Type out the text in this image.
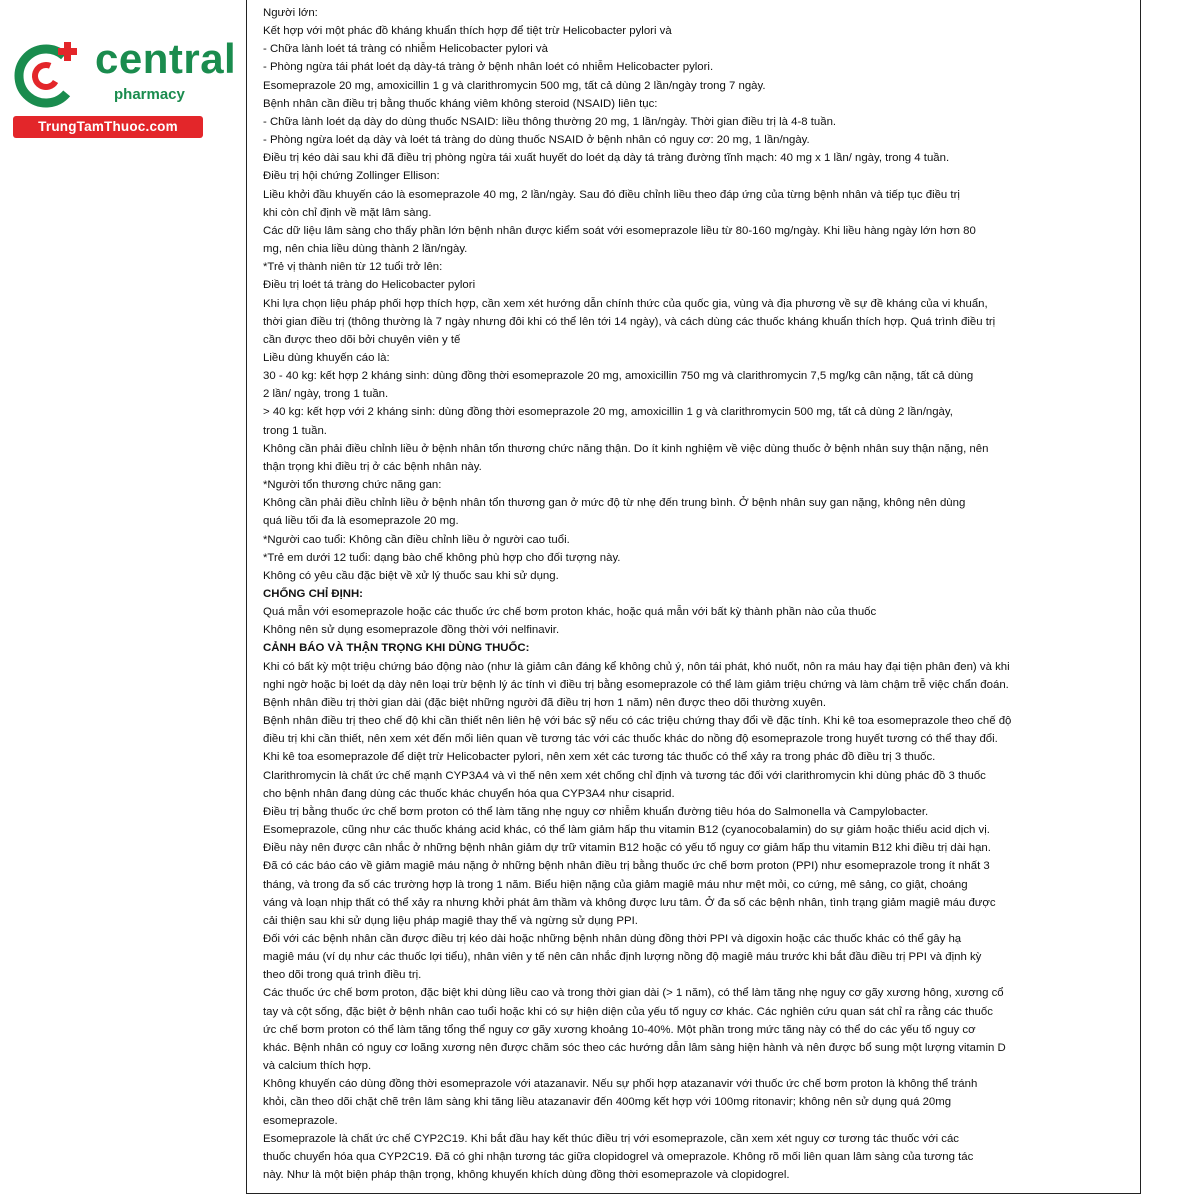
central
pharmacy
TrungTamThuoc.com

Người lớn:

Kết hợp với một phác đồ kháng khuẩn thích hợp để tiệt trừ Helicobacter pylori và

- Chữa lành loét tá tràng có nhiễm Helicobacter pylori và

- Phòng ngừa tái phát loét dạ dày-tá tràng ở bệnh nhân loét có nhiễm Helicobacter pylori.

Esomeprazole 20 mg, amoxicillin 1 g và clarithromycin 500 mg, tất cả dùng 2 lần/ngày trong 7 ngày.

Bệnh nhân cần điều trị bằng thuốc kháng viêm không steroid (NSAID) liên tục:

- Chữa lành loét dạ dày do dùng thuốc NSAID: liều thông thường 20 mg, 1 lần/ngày. Thời gian điều trị là 4-8 tuần.

- Phòng ngừa loét dạ dày và loét tá tràng do dùng thuốc NSAID ở bệnh nhân có nguy cơ: 20 mg, 1 lần/ngày.

Điều trị kéo dài sau khi đã điều trị phòng ngừa tái xuất huyết do loét dạ dày tá tràng đường tĩnh mạch: 40 mg x 1 lần/ ngày, trong 4 tuần.

Điều trị hội chứng Zollinger Ellison:

Liều khởi đầu khuyến cáo là esomeprazole 40 mg, 2 lần/ngày. Sau đó điều chỉnh liều theo đáp ứng của từng bệnh nhân và tiếp tục điều trị

khi còn chỉ định về mặt lâm sàng.

Các dữ liệu lâm sàng cho thấy phần lớn bệnh nhân được kiểm soát với esomeprazole liều từ 80-160 mg/ngày. Khi liều hàng ngày lớn hơn 80

mg, nên chia liều dùng thành 2 lần/ngày.

*Trẻ vị thành niên từ 12 tuổi trở lên:

Điều trị loét tá tràng do Helicobacter pylori

Khi lựa chọn liệu pháp phối hợp thích hợp, cần xem xét hướng dẫn chính thức của quốc gia, vùng và địa phương về sự đề kháng của vi khuẩn,

thời gian điều trị (thông thường là 7 ngày nhưng đôi khi có thể lên tới 14 ngày), và cách dùng các thuốc kháng khuẩn thích hợp. Quá trình điều trị

cần được theo dõi bởi chuyên viên y tế

Liều dùng khuyến cáo là:

30 - 40 kg: kết hợp 2 kháng sinh: dùng đồng thời esomeprazole 20 mg, amoxicillin 750 mg và clarithromycin 7,5 mg/kg cân nặng, tất cả dùng

2 lần/ ngày, trong 1 tuần.

> 40 kg: kết hợp với 2 kháng sinh: dùng đồng thời esomeprazole 20 mg, amoxicillin 1 g và clarithromycin 500 mg, tất cả dùng 2 lần/ngày,

trong 1 tuần.

Không cần phải điều chỉnh liều ở bệnh nhân tổn thương chức năng thận. Do ít kinh nghiệm về việc dùng thuốc ở bệnh nhân suy thận nặng, nên

thận trọng khi điều trị ở các bệnh nhân này.

*Người tổn thương chức năng gan:

Không cần phải điều chỉnh liều ở bệnh nhân tổn thương gan ở mức độ từ nhẹ đến trung bình. Ở bệnh nhân suy gan nặng, không nên dùng

quá liều tối đa là esomeprazole 20 mg.

*Người cao tuổi: Không cần điều chỉnh liều ở người cao tuổi.

*Trẻ em dưới 12 tuổi: dạng bào chế không phù hợp cho đối tượng này.

Không có yêu cầu đặc biệt về xử lý thuốc sau khi sử dụng.

CHỐNG CHỈ ĐỊNH:

Quá mẫn với esomeprazole hoặc các thuốc ức chế bơm proton khác, hoặc quá mẫn với bất kỳ thành phần nào của thuốc

Không nên sử dụng esomeprazole đồng thời với nelfinavir.

CẢNH BÁO VÀ THẬN TRỌNG KHI DÙNG THUỐC:

Khi có bất kỳ một triệu chứng báo động nào (như là giảm cân đáng kể không chủ ý, nôn tái phát, khó nuốt, nôn ra máu hay đại tiện phân đen) và khi

nghi ngờ hoặc bị loét dạ dày nên loại trừ bệnh lý ác tính vì điều trị bằng esomeprazole có thể làm giảm triệu chứng và làm chậm trễ việc chẩn đoán.

Bệnh nhân điều trị thời gian dài (đặc biệt những người đã điều trị hơn 1 năm) nên được theo dõi thường xuyên.

Bệnh nhân điều trị theo chế độ khi cần thiết nên liên hệ với bác sỹ nếu có các triệu chứng thay đổi về đặc tính. Khi kê toa esomeprazole theo chế độ

điều trị khi cần thiết, nên xem xét đến mối liên quan về tương tác với các thuốc khác do nồng độ esomeprazole trong huyết tương có thể thay đổi.

Khi kê toa esomeprazole để diệt trừ Helicobacter pylori, nên xem xét các tương tác thuốc có thể xảy ra trong phác đồ điều trị 3 thuốc.

Clarithromycin là chất ức chế mạnh CYP3A4 và vì thế nên xem xét chống chỉ định và tương tác đối với clarithromycin khi dùng phác đồ 3 thuốc

cho bệnh nhân đang dùng các thuốc khác chuyển hóa qua CYP3A4 như cisaprid.

Điều trị bằng thuốc ức chế bơm proton có thể làm tăng nhẹ nguy cơ nhiễm khuẩn đường tiêu hóa do Salmonella và Campylobacter.

Esomeprazole, cũng như các thuốc kháng acid khác, có thể làm giảm hấp thu vitamin B12 (cyanocobalamin) do sự giảm hoặc thiếu acid dịch vị.

Điều này nên được cân nhắc ở những bệnh nhân giảm dự trữ vitamin B12 hoặc có yếu tố nguy cơ giảm hấp thu vitamin B12 khi điều trị dài hạn.

Đã có các báo cáo về giảm magiê máu nặng ở những bệnh nhân điều trị bằng thuốc ức chế bơm proton (PPI) như esomeprazole trong ít nhất 3

tháng, và trong đa số các trường hợp là trong 1 năm. Biểu hiện nặng của giảm magiê máu như mệt mỏi, co cứng, mê sảng, co giật, choáng

váng và loạn nhịp thất có thể xảy ra nhưng khởi phát âm thầm và không được lưu tâm. Ở đa số các bệnh nhân, tình trạng giảm magiê máu được

cải thiện sau khi sử dụng liệu pháp magiê thay thế và ngừng sử dụng PPI.

Đối với các bệnh nhân cần được điều trị kéo dài hoặc những bệnh nhân dùng đồng thời PPI và digoxin hoặc các thuốc khác có thể gây hạ

magiê máu (ví dụ như các thuốc lợi tiểu), nhân viên y tế nên cân nhắc định lượng nồng độ magiê máu trước khi bắt đầu điều trị PPI và định kỳ

theo dõi trong quá trình điều trị.

Các thuốc ức chế bơm proton, đặc biệt khi dùng liều cao và trong thời gian dài (> 1 năm), có thể làm tăng nhẹ nguy cơ gãy xương hông, xương cổ

tay và cột sống, đặc biệt ở bệnh nhân cao tuổi hoặc khi có sự hiện diện của yếu tố nguy cơ khác. Các nghiên cứu quan sát chỉ ra rằng các thuốc

ức chế bơm proton có thể làm tăng tổng thể nguy cơ gãy xương khoảng 10-40%. Một phần trong mức tăng này có thể do các yếu tố nguy cơ

khác. Bệnh nhân có nguy cơ loãng xương nên được chăm sóc theo các hướng dẫn lâm sàng hiện hành và nên được bổ sung một lượng vitamin D

và calcium thích hợp.

Không khuyến cáo dùng đồng thời esomeprazole với atazanavir. Nếu sự phối hợp atazanavir với thuốc ức chế bơm proton là không thể tránh

khỏi, cần theo dõi chặt chẽ trên lâm sàng khi tăng liều atazanavir đến 400mg kết hợp với 100mg ritonavir; không nên sử dụng quá 20mg

esomeprazole.

Esomeprazole là chất ức chế CYP2C19. Khi bắt đầu hay kết thúc điều trị với esomeprazole, cần xem xét nguy cơ tương tác thuốc với các

thuốc chuyển hóa qua CYP2C19. Đã có ghi nhận tương tác giữa clopidogrel và omeprazole. Không rõ mối liên quan lâm sàng của tương tác

này. Như là một biện pháp thận trọng, không khuyến khích dùng đồng thời esomeprazole và clopidogrel.
